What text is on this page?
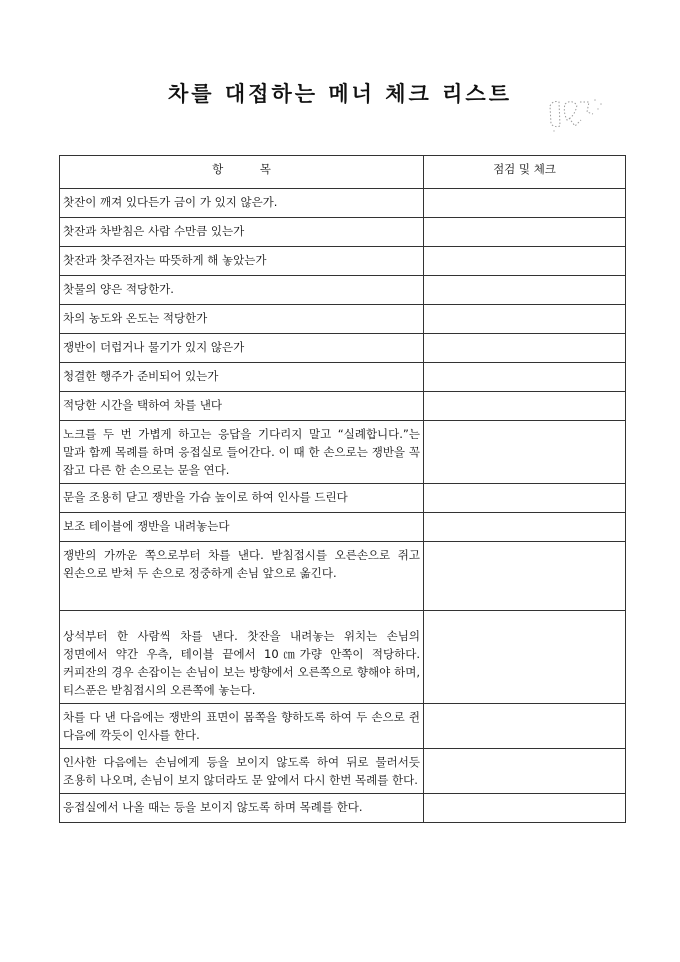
차를 대접하는 메너 체크 리스트
항          목	점검 및 체크
찻잔이 깨져 있다든가 금이 가 있지 않은가.	
찻잔과 차받침은 사람 수만큼 있는가	
찻잔과 찻주전자는 따뜻하게 해 놓았는가	
찻물의 양은 적당한가.	
차의 농도와 온도는 적당한가	
쟁반이 더럽거나 물기가 있지 않은가	
청결한 행주가 준비되어 있는가	
적당한 시간을 택하여 차를 낸다	
노크를 두 번 가볍게 하고는 응답을 기다리지 말고 “실례합니다.”는 말과 함께 목례를 하며 응접실로 들어간다. 이 때 한 손으로는 쟁반을 꼭 잡고 다른 한 손으로는 문을 연다.	
문을 조용히 닫고 쟁반을 가슴 높이로 하여 인사를 드린다	
보조 테이블에 쟁반을 내려놓는다	
쟁반의 가까운 쪽으로부터 차를 낸다. 받침접시를 오른손으로 쥐고 왼손으로 받쳐 두 손으로 정중하게 손님 앞으로 옮긴다.	
상석부터 한 사람씩 차를 낸다. 찻잔을 내려놓는 위치는 손님의 정면에서 약간 우측, 테이블 끝에서 10㎝가량 안쪽이 적당하다. 커피잔의 경우 손잡이는 손님이 보는 방향에서 오른쪽으로 향해야 하며, 티스푼은 받침접시의 오른쪽에 놓는다.	
차를 다 낸 다음에는 쟁반의 표면이 몸쪽을 향하도록 하여 두 손으로 쥔 다음에 깍듯이 인사를 한다.	
인사한 다음에는 손님에게 등을 보이지 않도록 하여 뒤로 물러서듯 조용히 나오며, 손님이 보지 않더라도 문 앞에서 다시 한번 목례를 한다.	
응접실에서 나올 때는 등을 보이지 않도록 하며 목례를 한다.	
